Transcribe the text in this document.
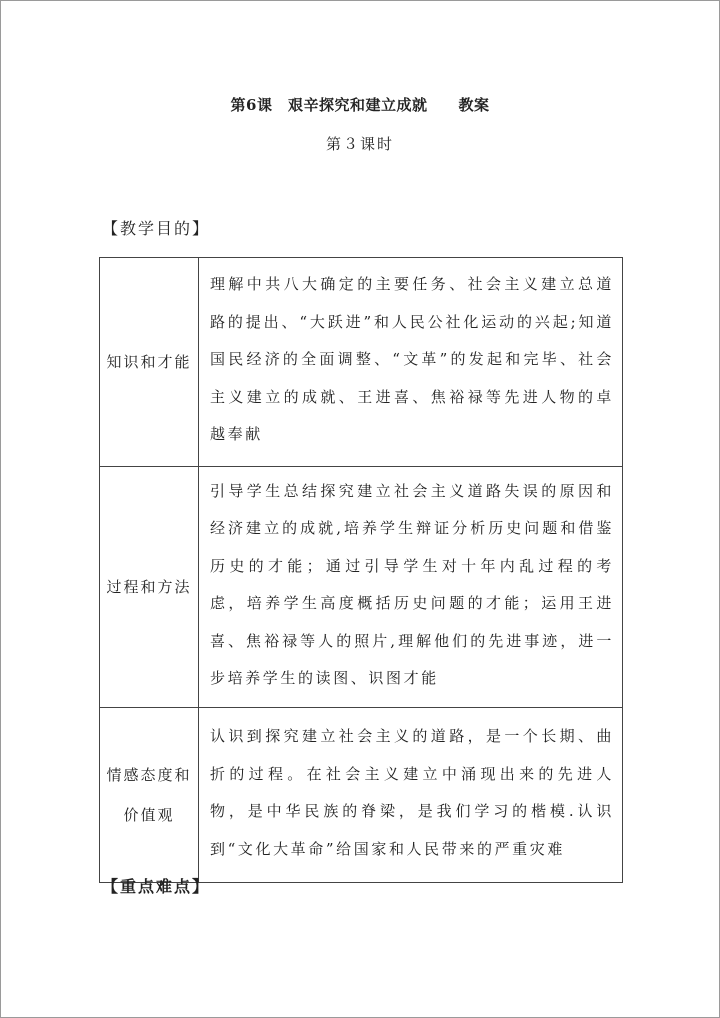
第6课　艰辛探究和建立成就　　教案
第３课时
【教学目的】
知识和才能	理解中共八大确定的主要任务、社会主义建立总道路的提出、“大跃进”和人民公社化运动的兴起;知道国民经济的全面调整、“文革”的发起和完毕、社会主义建立的成就、王进喜、焦裕禄等先进人物的卓越奉献
过程和方法	引导学生总结探究建立社会主义道路失误的原因和经济建立的成就,培养学生辩证分析历史问题和借鉴历史的才能；通过引导学生对十年内乱过程的考虑，培养学生高度概括历史问题的才能；运用王进喜、焦裕禄等人的照片,理解他们的先进事迹，进一步培养学生的读图、识图才能
情感态度和价值观	认识到探究建立社会主义的道路，是一个长期、曲折的过程。在社会主义建立中涌现出来的先进人物，是中华民族的脊梁，是我们学习的楷模.认识到“文化大革命”给国家和人民带来的严重灾难
【重点难点】
